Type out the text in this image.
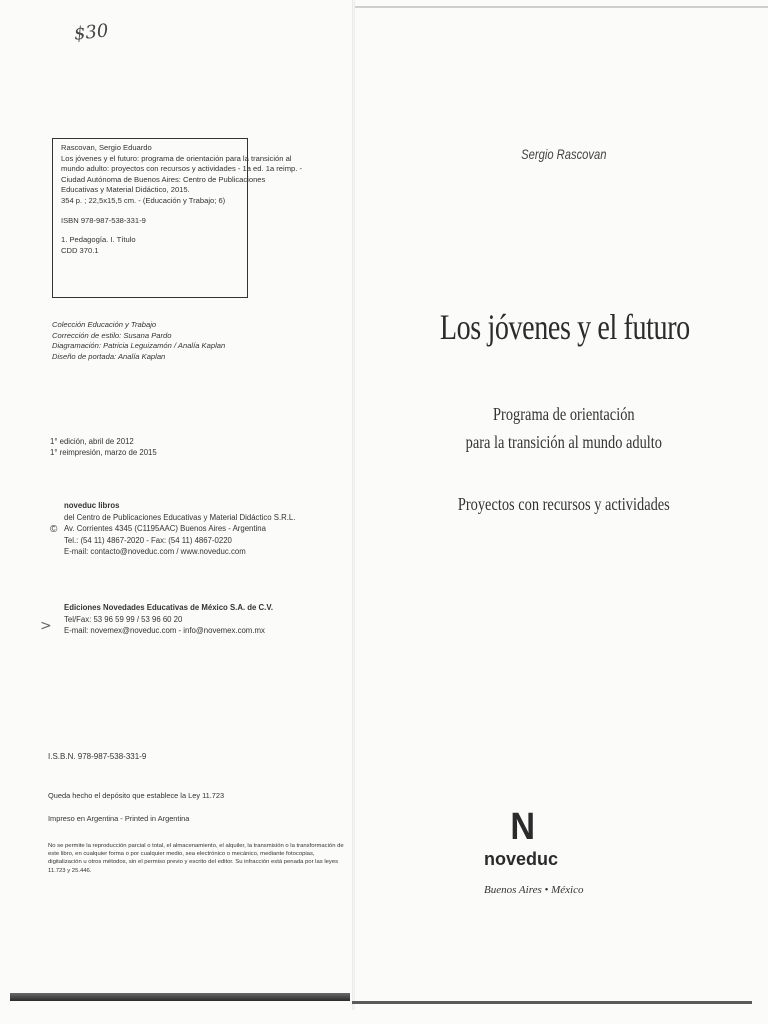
$30
>
Rascovan, Sergio Eduardo
Los jóvenes y el futuro: programa de orientación para la transición al
mundo adulto: proyectos con recursos y actividades - 1a ed. 1a reimp. -
Ciudad Autónoma de Buenos Aires: Centro de Publicaciones
Educativas y Material Didáctico, 2015.
354 p. ; 22,5x15,5 cm. - (Educación y Trabajo; 6)
ISBN 978-987-538-331-9
1. Pedagogía. I. Título
CDD 370.1
Colección Educación y Trabajo
Corrección de estilo: Susana Pardo
Diagramación: Patricia Leguizamón / Analía Kaplan
Diseño de portada: Analía Kaplan
1° edición, abril de 2012
1° reimpresión, marzo de 2015
noveduc libros
del Centro de Publicaciones Educativas y Material Didáctico S.R.L.
Av. Corrientes 4345 (C1195AAC) Buenos Aires - Argentina
Tel.: (54 11) 4867-2020 - Fax: (54 11) 4867-0220
E-mail: contacto@noveduc.com / www.noveduc.com
©
Ediciones Novedades Educativas de México S.A. de C.V.
Tel/Fax: 53 96 59 99 / 53 96 60 20
E-mail: novemex@noveduc.com - info@novemex.com.mx
I.S.B.N. 978-987-538-331-9
Queda hecho el depósito que establece la Ley 11.723
Impreso en Argentina - Printed in Argentina
No se permite la reproducción parcial o total, el almacenamiento, el alquiler, la transmisión o la transformación de
este libro, en cualquier forma o por cualquier medio, sea electrónico o mecánico, mediante fotocopias,
digitalización u otros métodos, sin el permiso previo y escrito del editor. Su infracción está penada por las leyes
11.723 y 25.446.
Sergio Rascovan
Los jóvenes y el futuro
Programa de orientación
para la transición al mundo adulto
Proyectos con recursos y actividades
N
noveduc
Buenos Aires • México
